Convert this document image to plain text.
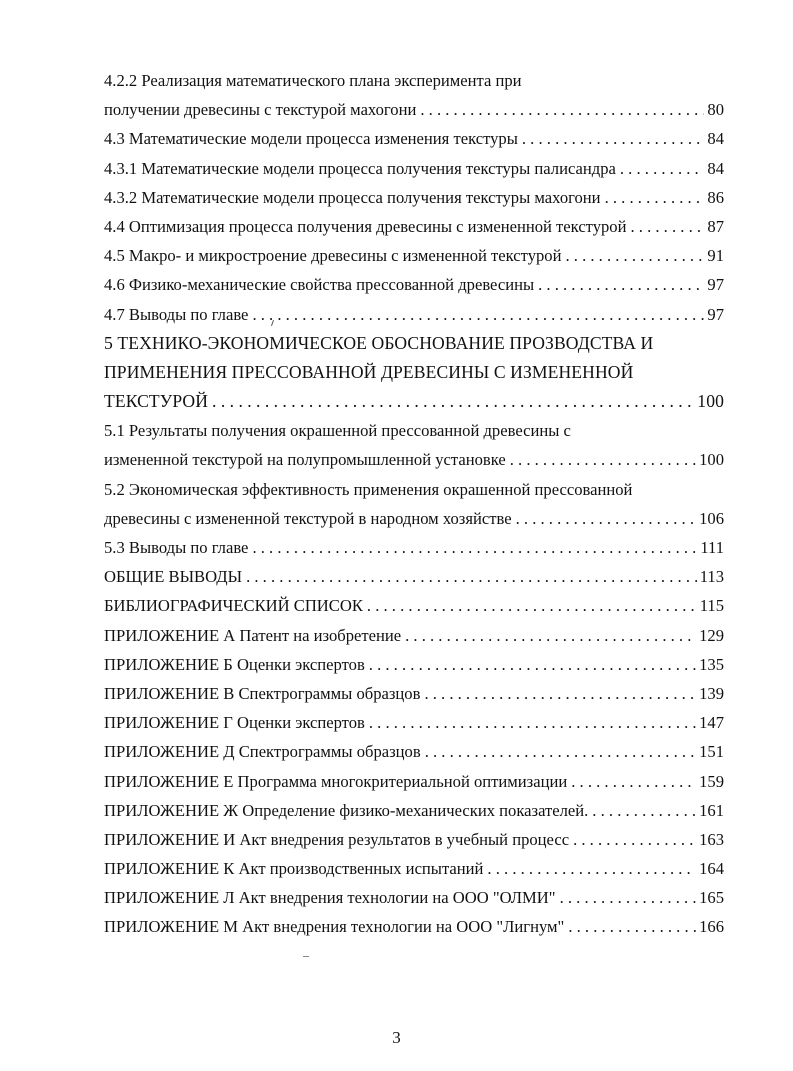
4.2.2 Реализация математического плана эксперимента при
получении древесины с текстурой махогони . . .	80
4.3 Математические модели процесса изменения текстуры . . .	84
4.3.1 Математические модели процесса получения текстуры палисандра . . .	84
4.3.2 Математические модели процесса получения текстуры махогони . . .	86
4.4 Оптимизация процесса получения древесины с измененной текстурой . . .	87
4.5 Макро- и микростроение древесины с измененной текстурой . . .	91
4.6 Физико-механические свойства прессованной древесины . . .	97
4.7 Выводы по главе . . .	97
5 ТЕХНИКО-ЭКОНОМИЧЕСКОЕ ОБОСНОВАНИЕ ПРОЗВОДСТВА И
ПРИМЕНЕНИЯ ПРЕССОВАННОЙ ДРЕВЕСИНЫ С ИЗМЕНЕННОЙ
ТЕКСТУРОЙ . . .	100
5.1 Результаты получения окрашенной прессованной древесины с
измененной текстурой на полупромышленной установке . . .	100
5.2 Экономическая эффективность применения окрашенной прессованной
древесины с измененной текстурой в народном хозяйстве . . .	106
5.3 Выводы по главе . . .	111
ОБЩИЕ ВЫВОДЫ . . .	113
БИБЛИОГРАФИЧЕСКИЙ СПИСОК . . .	115
ПРИЛОЖЕНИЕ А Патент на изобретение . . .	129
ПРИЛОЖЕНИЕ Б Оценки экспертов . . .	135
ПРИЛОЖЕНИЕ В Спектрограммы образцов . . .	139
ПРИЛОЖЕНИЕ Г Оценки экспертов . . .	147
ПРИЛОЖЕНИЕ Д Спектрограммы образцов . . .	151
ПРИЛОЖЕНИЕ Е Программа многокритериальной оптимизации . . .	159
ПРИЛОЖЕНИЕ Ж Определение физико-механических показателей. . . .	161
ПРИЛОЖЕНИЕ И Акт внедрения результатов в учебный процесс . . .	163
ПРИЛОЖЕНИЕ К Акт производственных испытаний . . .	164
ПРИЛОЖЕНИЕ Л Акт внедрения технологии на ООО "ОЛМИ" . . .	165
ПРИЛОЖЕНИЕ М Акт внедрения технологии на ООО "Лигнум" . . .	166
3
